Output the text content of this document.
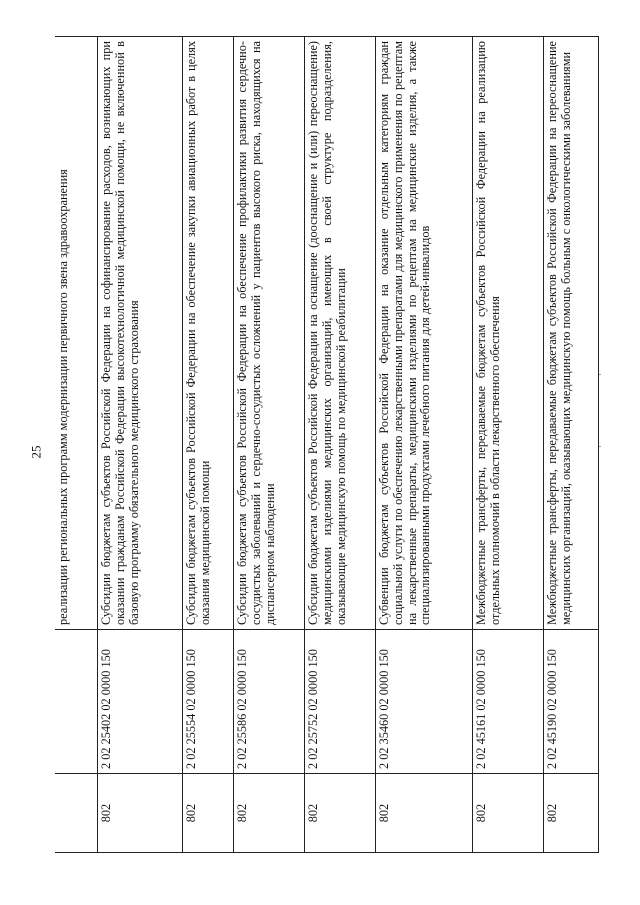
25
		реализации региональных программ модернизации первичного звена здравоохранения
802	2 02 25402 02 0000 150	Субсидии бюджетам субъектов Российской Федерации на софинансирование расходов, возникающих при оказании гражданам Российской Федерации высокотехнологичной медицинской помощи, не включенной в базовую программу обязательного медицинского страхования
802	2 02 25554 02 0000 150	Субсидии бюджетам субъектов Российской Федерации на обеспечение закупки авиационных работ в целях оказания медицинской помощи
802	2 02 25586 02 0000 150	Субсидии бюджетам субъектов Российской Федерации на обеспечение профилактики развития сердечно-сосудистых заболеваний и сердечно-сосудистых осложнений у пациентов высокого риска, находящихся на диспансерном наблюдении
802	2 02 25752 02 0000 150	Субсидии бюджетам субъектов Российской Федерации на оснащение (дооснащение и (или) переоснащение) медицинскими изделиями медицинских организаций, имеющих в своей структуре подразделения, оказывающие медицинскую помощь по медицинской реабилитации
802	2 02 35460 02 0000 150	Субвенции бюджетам субъектов Российской Федерации на оказание отдельным категориям граждан социальной услуги по обеспечению лекарственными препаратами для медицинского применения по рецептам на лекарственные препараты, медицинскими изделиями по рецептам на медицинские изделия, а также специализированными продуктами лечебного питания для детей-инвалидов
802	2 02 45161 02 0000 150	Межбюджетные трансферты, передаваемые бюджетам субъектов Российской Федерации на реализацию отдельных полномочий в области лекарственного обеспечения
802	2 02 45190 02 0000 150	Межбюджетные трансферты, передаваемые бюджетам субъектов Российской Федерации на переоснащение медицинских организаций, оказывающих медицинскую помощь больным с онкологическими заболеваниями
